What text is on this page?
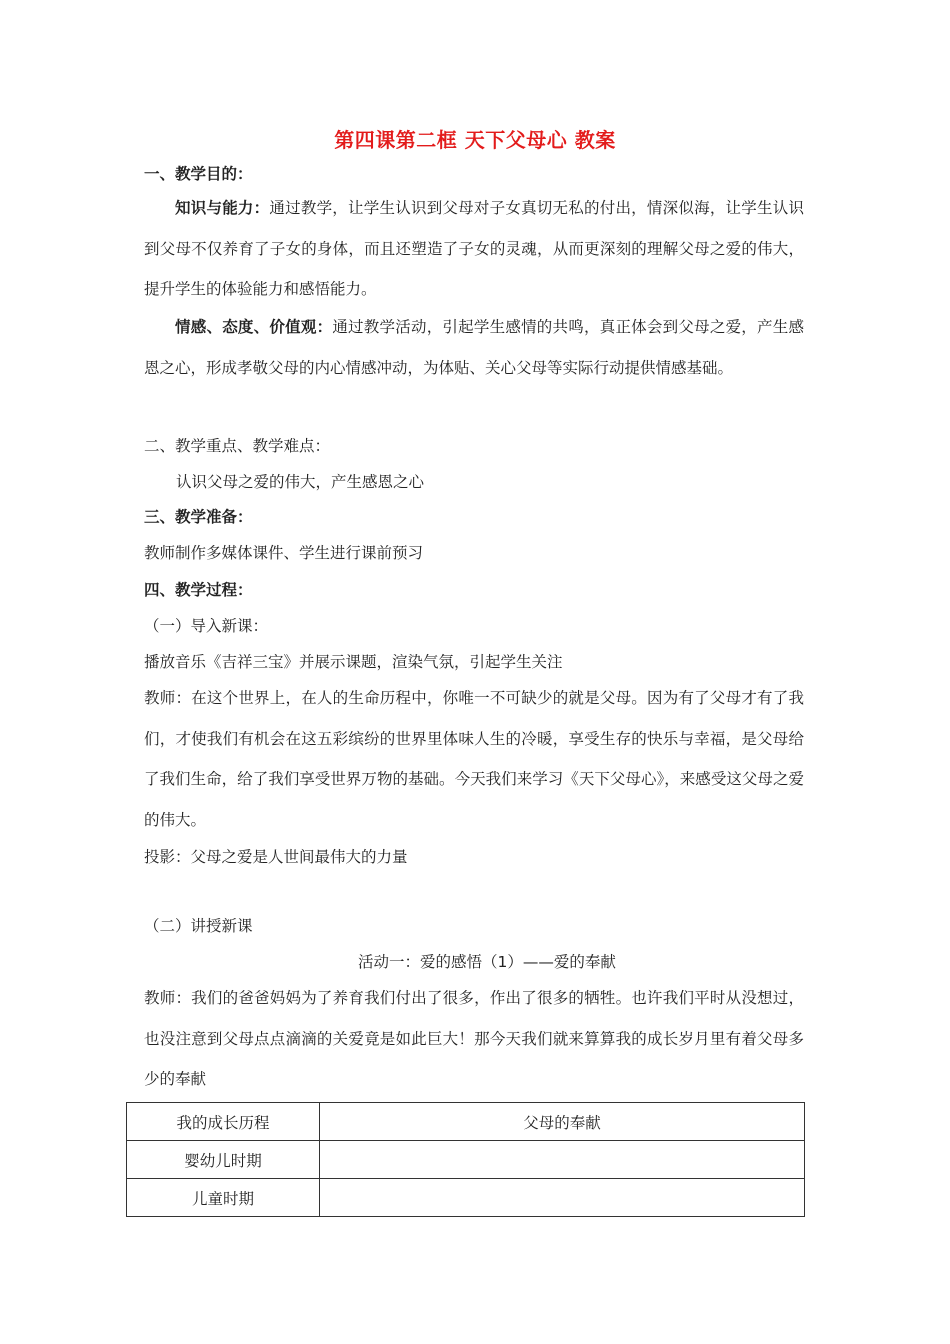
第四课第二框 天下父母心 教案
一、教学目的：
知识与能力：通过教学，让学生认识到父母对子女真切无私的付出，情深似海，让学生认识到父母不仅养育了子女的身体，而且还塑造了子女的灵魂，从而更深刻的理解父母之爱的伟大，提升学生的体验能力和感悟能力。
情感、态度、价值观：通过教学活动，引起学生感情的共鸣，真正体会到父母之爱，产生感恩之心，形成孝敬父母的内心情感冲动，为体贴、关心父母等实际行动提供情感基础。
二、教学重点、教学难点：
认识父母之爱的伟大，产生感恩之心
三、教学准备：
教师制作多媒体课件、学生进行课前预习
四、教学过程：
（一）导入新课：
播放音乐《吉祥三宝》并展示课题，渲染气氛，引起学生关注
教师：在这个世界上，在人的生命历程中，你唯一不可缺少的就是父母。因为有了父母才有了我们，才使我们有机会在这五彩缤纷的世界里体味人生的冷暖，享受生存的快乐与幸福，是父母给了我们生命，给了我们享受世界万物的基础。今天我们来学习《天下父母心》，来感受这父母之爱的伟大。
投影：父母之爱是人世间最伟大的力量
（二）讲授新课
活动一：爱的感悟（1）——爱的奉献
教师：我们的爸爸妈妈为了养育我们付出了很多，作出了很多的牺牲。也许我们平时从没想过，也没注意到父母点点滴滴的关爱竟是如此巨大！那今天我们就来算算我的成长岁月里有着父母多少的奉献
我的成长历程	父母的奉献
婴幼儿时期	
儿童时期	
